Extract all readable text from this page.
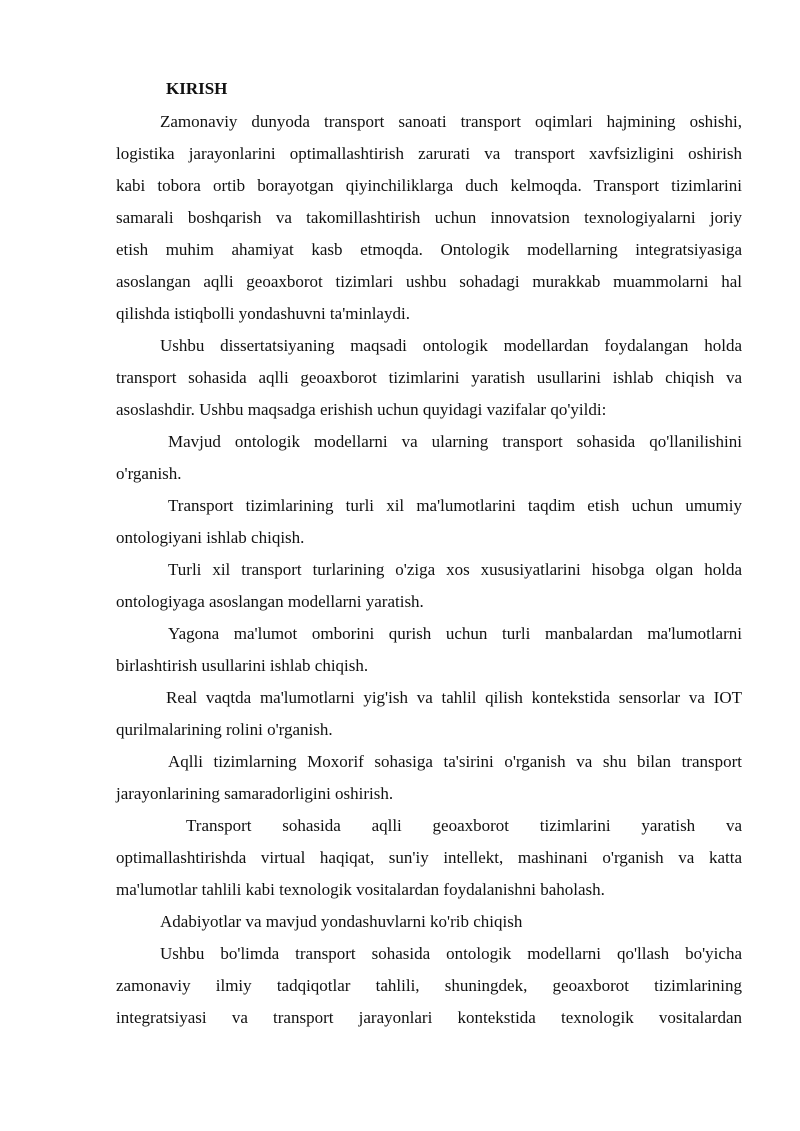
KIRISH
Zamonaviy dunyoda transport sanoati transport oqimlari hajmining oshishi,
logistika jarayonlarini optimallashtirish zarurati va transport xavfsizligini oshirish
kabi tobora ortib borayotgan qiyinchiliklarga duch kelmoqda. Transport tizimlarini
samarali boshqarish va takomillashtirish uchun innovatsion texnologiyalarni joriy
etish muhim ahamiyat kasb etmoqda. Ontologik modellarning integratsiyasiga
asoslangan aqlli geoaxborot tizimlari ushbu sohadagi murakkab muammolarni hal
qilishda istiqbolli yondashuvni ta'minlaydi.
Ushbu dissertatsiyaning maqsadi ontologik modellardan foydalangan holda
transport sohasida aqlli geoaxborot tizimlarini yaratish usullarini ishlab chiqish va
asoslashdir. Ushbu maqsadga erishish uchun quyidagi vazifalar qo'yildi:
Mavjud ontologik modellarni va ularning transport sohasida qo'llanilishini
o'rganish.
Transport tizimlarining turli xil ma'lumotlarini taqdim etish uchun umumiy
ontologiyani ishlab chiqish.
Turli xil transport turlarining o'ziga xos xususiyatlarini hisobga olgan holda
ontologiyaga asoslangan modellarni yaratish.
Yagona ma'lumot omborini qurish uchun turli manbalardan ma'lumotlarni
birlashtirish usullarini ishlab chiqish.
Real vaqtda ma'lumotlarni yig'ish va tahlil qilish kontekstida sensorlar va IOT
qurilmalarining rolini o'rganish.
Aqlli tizimlarning Moxorif sohasiga ta'sirini o'rganish va shu bilan transport
jarayonlarining samaradorligini oshirish.
Transport sohasida aqlli geoaxborot tizimlarini yaratish va
optimallashtirishda virtual haqiqat, sun'iy intellekt, mashinani o'rganish va katta
ma'lumotlar tahlili kabi texnologik vositalardan foydalanishni baholash.
Adabiyotlar va mavjud yondashuvlarni ko'rib chiqish
Ushbu bo'limda transport sohasida ontologik modellarni qo'llash bo'yicha
zamonaviy ilmiy tadqiqotlar tahlili, shuningdek, geoaxborot tizimlarining
integratsiyasi va transport jarayonlari kontekstida texnologik vositalardan
